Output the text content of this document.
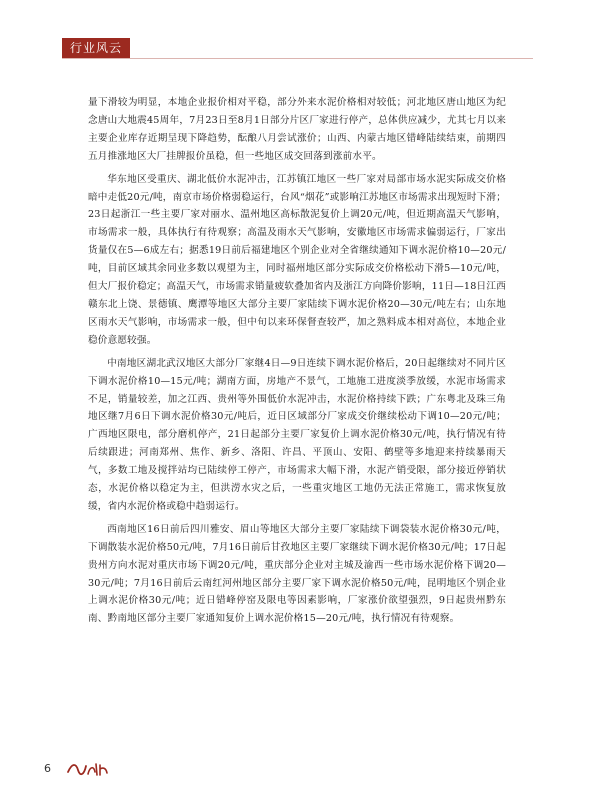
行业风云

量下滑较为明显，本地企业报价相对平稳，部分外来水泥价格相对较低；河北地区唐山地区为纪念唐山大地震45周年，7月23日至8月1日部分片区厂家进行停产，总体供应减少，尤其七月以来主要企业库存近期呈现下降趋势，酝酿八月尝试涨价；山西、内蒙古地区错峰陆续结束，前期四五月推涨地区大厂挂牌报价虽稳，但一些地区成交回落到涨前水平。

华东地区受重庆、湖北低价水泥冲击，江苏镇江地区一些厂家对局部市场水泥实际成交价格暗中走低20元/吨，南京市场价格弱稳运行，台风“烟花”或影响江苏地区市场需求出现短时下滑；23日起浙江一些主要厂家对丽水、温州地区高标散泥复价上调20元/吨，但近期高温天气影响，市场需求一般，具体执行有待观察；高温及雨水天气影响，安徽地区市场需求偏弱运行，厂家出货量仅在5—6成左右；据悉19日前后福建地区个别企业对全省继续通知下调水泥价格10—20元/吨，目前区域其余同业多数以观望为主，同时福州地区部分实际成交价格松动下滑5—10元/吨，但大厂报价稳定；高温天气，市场需求销量疲软叠加省内及浙江方向降价影响，11日—18日江西赣东北上饶、景德镇、鹰潭等地区大部分主要厂家陆续下调水泥价格20—30元/吨左右；山东地区雨水天气影响，市场需求一般，但中旬以来环保督查较严，加之熟料成本相对高位，本地企业稳价意愿较强。

中南地区湖北武汉地区大部分厂家继4日—9日连续下调水泥价格后，20日起继续对不同片区下调水泥价格10—15元/吨；湖南方面，房地产不景气，工地施工进度淡季放缓，水泥市场需求不足，销量较差，加之江西、贵州等外围低价水泥冲击，水泥价格持续下跌；广东粤北及珠三角地区继7月6日下调水泥价格30元/吨后，近日区域部分厂家成交价继续松动下调10—20元/吨；广西地区限电，部分磨机停产，21日起部分主要厂家复价上调水泥价格30元/吨，执行情况有待后续跟进；河南郑州、焦作、新乡、洛阳、许昌、平顶山、安阳、鹤壁等多地迎来持续暴雨天气，多数工地及搅拌站均已陆续停工停产，市场需求大幅下滑，水泥产销受限，部分接近停销状态，水泥价格以稳定为主，但洪涝水灾之后，一些重灾地区工地仍无法正常施工，需求恢复放缓，省内水泥价格或稳中趋弱运行。

西南地区16日前后四川雅安、眉山等地区大部分主要厂家陆续下调袋装水泥价格30元/吨，下调散装水泥价格50元/吨，7月16日前后甘孜地区主要厂家继续下调水泥价格30元/吨；17日起贵州方向水泥对重庆市场下调20元/吨，重庆部分企业对主城及渝西一些市场水泥价格下调20—30元/吨；7月16日前后云南红河州地区部分主要厂家下调水泥价格50元/吨，昆明地区个别企业上调水泥价格30元/吨；近日错峰停窑及限电等因素影响，厂家涨价欲望强烈，9日起贵州黔东南、黔南地区部分主要厂家通知复价上调水泥价格15—20元/吨，执行情况有待观察。

6
